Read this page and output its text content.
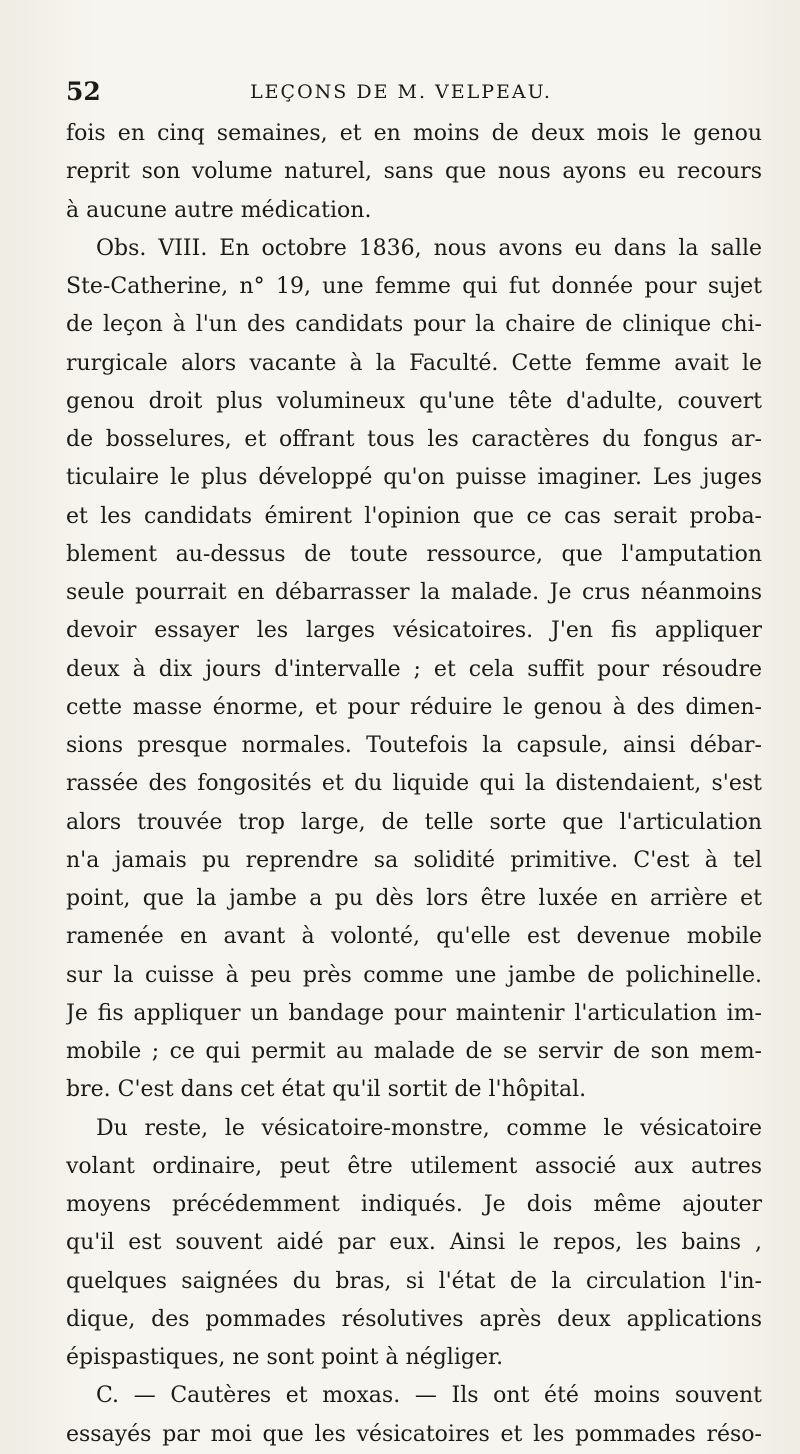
52	LEÇONS DE M. VELPEAU.
fois en cinq semaines, et en moins de deux mois le genou
reprit son volume naturel, sans que nous ayons eu recours
à aucune autre médication.
Obs. VIII. En octobre 1836, nous avons eu dans la salle
Ste-Catherine, n° 19, une femme qui fut donnée pour sujet
de leçon à l'un des candidats pour la chaire de clinique chi-
rurgicale alors vacante à la Faculté. Cette femme avait le
genou droit plus volumineux qu'une tête d'adulte, couvert
de bosselures, et offrant tous les caractères du fongus ar-
ticulaire le plus développé qu'on puisse imaginer. Les juges
et les candidats émirent l'opinion que ce cas serait proba-
blement au-dessus de toute ressource, que l'amputation
seule pourrait en débarrasser la malade. Je crus néanmoins
devoir essayer les larges vésicatoires. J'en fis appliquer
deux à dix jours d'intervalle ; et cela suffit pour résoudre
cette masse énorme, et pour réduire le genou à des dimen-
sions presque normales. Toutefois la capsule, ainsi débar-
rassée des fongosités et du liquide qui la distendaient, s'est
alors trouvée trop large, de telle sorte que l'articulation
n'a jamais pu reprendre sa solidité primitive. C'est à tel
point, que la jambe a pu dès lors être luxée en arrière et
ramenée en avant à volonté, qu'elle est devenue mobile
sur la cuisse à peu près comme une jambe de polichinelle.
Je fis appliquer un bandage pour maintenir l'articulation im-
mobile ; ce qui permit au malade de se servir de son mem-
bre. C'est dans cet état qu'il sortit de l'hôpital.
Du reste, le vésicatoire-monstre, comme le vésicatoire
volant ordinaire, peut être utilement associé aux autres
moyens précédemment indiqués. Je dois même ajouter
qu'il est souvent aidé par eux. Ainsi le repos, les bains ,
quelques saignées du bras, si l'état de la circulation l'in-
dique, des pommades résolutives après deux applications
épispastiques, ne sont point à négliger.
C. — Cautères et moxas. — Ils ont été moins souvent
essayés par moi que les vésicatoires et les pommades réso-
